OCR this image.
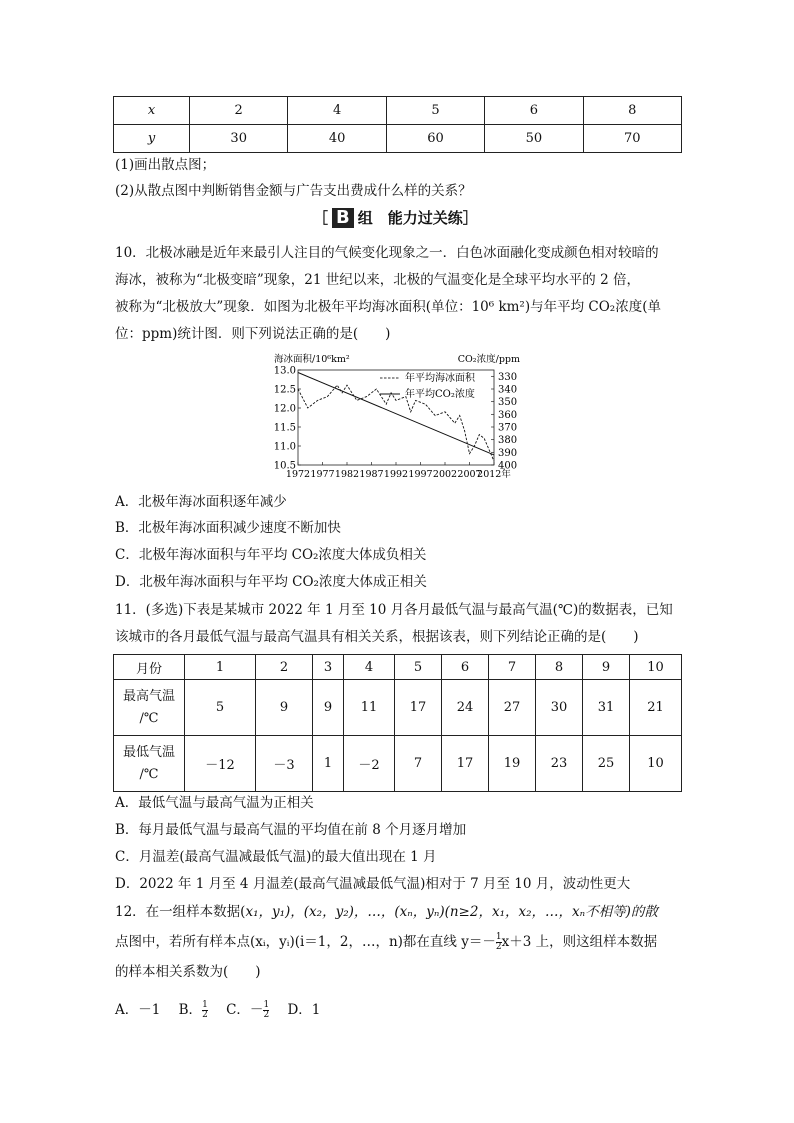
x	2	4	5	6	8
y	30	40	60	50	70
(1)画出散点图；
(2)从散点图中判断销售金额与广告支出费成什么样的关系？
［ B 组　能力过关练］
10．北极冰融是近年来最引人注目的气候变化现象之一．白色冰面融化变成颜色相对较暗的
海冰，被称为“北极变暗”现象，21 世纪以来，北极的气温变化是全球平均水平的 2 倍，
被称为“北极放大”现象．如图为北极年平均海冰面积(单位：10⁶ km²)与年平均 CO₂浓度(单
位：ppm)统计图．则下列说法正确的是(　　)
海冰面积/10⁶km²	CO₂浓度/ppm
13.0
12.5
12.0
11.5
11.0
10.5
330
340
350
360
370
380
390
400
1972 1977 1982 1987 1992 1997 2002 2007
2012年
年平均海冰面积
年平均CO₂浓度
A．北极年海冰面积逐年减少
B．北极年海冰面积减少速度不断加快
C．北极年海冰面积与年平均 CO₂浓度大体成负相关
D．北极年海冰面积与年平均 CO₂浓度大体成正相关
11．(多选)下表是某城市 2022 年 1 月至 10 月各月最低气温与最高气温(℃)的数据表，已知
该城市的各月最低气温与最高气温具有相关关系，根据该表，则下列结论正确的是(　　)
月份	1	2	3	4	5	6	7	8	9	10

最高气温
/℃	5	9	9	11	17	24	27	30	31	21

最低气温
/℃	－12	－3	1	－2	7	17	19	23	25	10
A．最低气温与最高气温为正相关
B．每月最低气温与最高气温的平均值在前 8 个月逐月增加
C．月温差(最高气温减最低气温)的最大值出现在 1 月
D．2022 年 1 月至 4 月温差(最高气温减最低气温)相对于 7 月至 10 月，波动性更大
12．在一组样本数据(x₁，y₁)，(x₂，y₂)，…，(xₙ，yₙ)(n≥2，x₁，x₂，…，xₙ不相等)的散
点图中，若所有样本点(xᵢ，yᵢ)(i＝1，2，…，n)都在直线 $y=- \frac{1}{2} x+3$ 上，则这组样本数据
的样本相关系数为(　　)
A．－1 B． $\frac{1}{2}$ C．－ $\frac{1}{2}$ D．1
